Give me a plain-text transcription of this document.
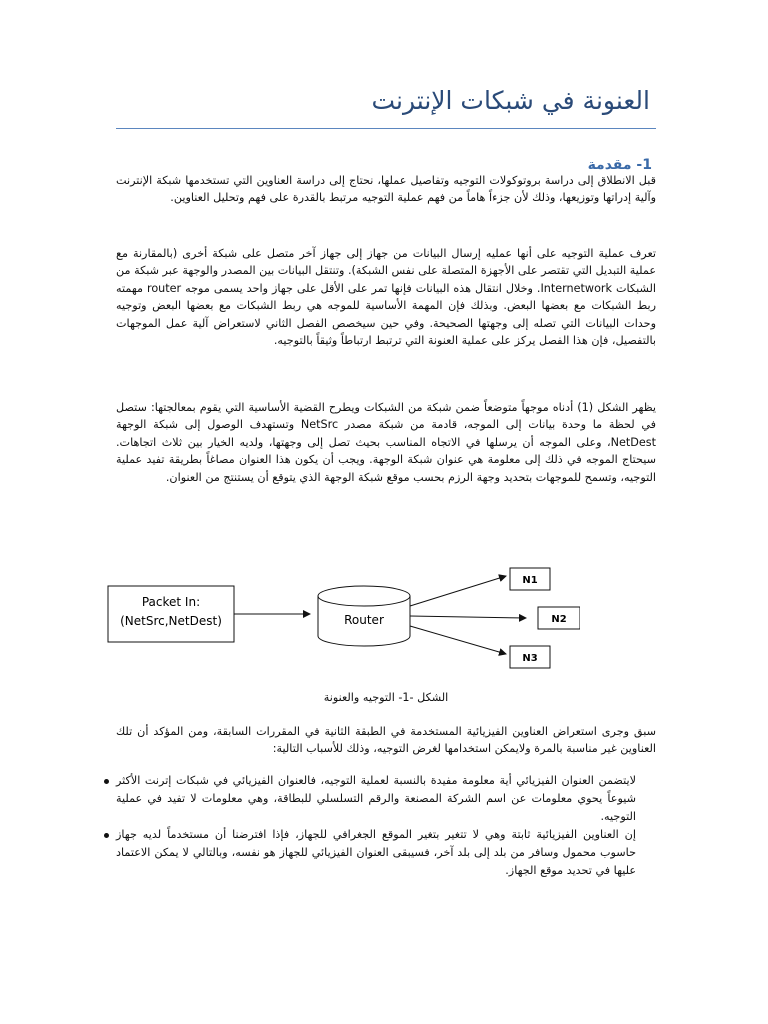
العنونة في شبكات الإنترنت
1- مقدمة

قبل الانطلاق إلى دراسة بروتوكولات التوجيه وتفاصيل عملها، نحتاج إلى دراسة العناوين التي تستخدمها شبكة الإنترنت وآلية إدراتها وتوزيعها، وذلك لأن جزءاً هاماً من فهم عملية التوجيه مرتبط بالقدرة على فهم وتحليل العناوين.

تعرف عملية التوجيه على أنها عمليه إرسال البيانات من جهاز إلى جهاز آخر متصل على شبكة أخرى (بالمقارنة مع عملية التبديل التي تقتصر على الأجهزة المتصلة على نفس الشبكة). وتنتقل البيانات بين المصدر والوجهة عبر شبكة من الشبكات Internetwork. وخلال انتقال هذه البيانات فإنها تمر على الأقل على جهاز واحد يسمى موجه router مهمته ربط الشبكات مع بعضها البعض. وبذلك فإن المهمة الأساسية للموجه هي ربط الشبكات مع بعضها البعض وتوجيه وحدات البيانات التي تصله إلى وجهتها الصحيحة. وفي حين سيخصص الفصل الثاني لاستعراض آلية عمل الموجهات بالتفصيل، فإن هذا الفصل يركز على عملية العنونة التي ترتبط ارتباطاً وثيقاً بالتوجيه.

يظهر الشكل (1) أدناه موجهاً متوضعاً ضمن شبكة من الشبكات ويطرح القضية الأساسية التي يقوم بمعالجتها: ستصل في لحظة ما وحدة بيانات إلى الموجه، قادمة من شبكة مصدر NetSrc وتستهدف الوصول إلى شبكة الوجهة NetDest، وعلى الموجه أن يرسلها في الاتجاه المناسب بحيث تصل إلى وجهتها، ولديه الخيار بين ثلاث اتجاهات. سيحتاج الموجه في ذلك إلى معلومة هي عنوان شبكة الوجهة. ويجب أن يكون هذا العنوان مصاغاً بطريقة تفيد عملية التوجيه، وتسمح للموجهات بتحديد وجهة الرزم بحسب موقع شبكة الوجهة الذي يتوقع أن يستنتج من العنوان.

Packet In:
(NetSrc,NetDest)	Router
N1
N2
N3
الشكل -1- التوجيه والعنونة

سبق وجرى استعراض العناوين الفيزيائية المستخدمة في الطبقة الثانية في المقررات السابقة، ومن المؤكد أن تلك العناوين غير مناسبة بالمرة ولايمكن استخدامها لغرض التوجيه، وذلك للأسباب التالية:

لايتضمن العنوان الفيزيائي أية معلومة مفيدة بالنسبة لعملية التوجيه، فالعنوان الفيزيائي في شبكات إترنت الأكثر شيوعاً يحوي معلومات عن اسم الشركة المصنعة والرقم التسلسلي للبطاقة، وهي معلومات لا تفيد في عملية التوجيه.
إن العناوين الفيزيائية ثابتة وهي لا تتغير بتغير الموقع الجغرافي للجهاز، فإذا افترضنا أن مستخدماً لديه جهاز حاسوب محمول وسافر من بلد إلى بلد آخر، فسيبقى العنوان الفيزيائي للجهاز هو نفسه، وبالتالي لا يمكن الاعتماد عليها في تحديد موقع الجهاز.
